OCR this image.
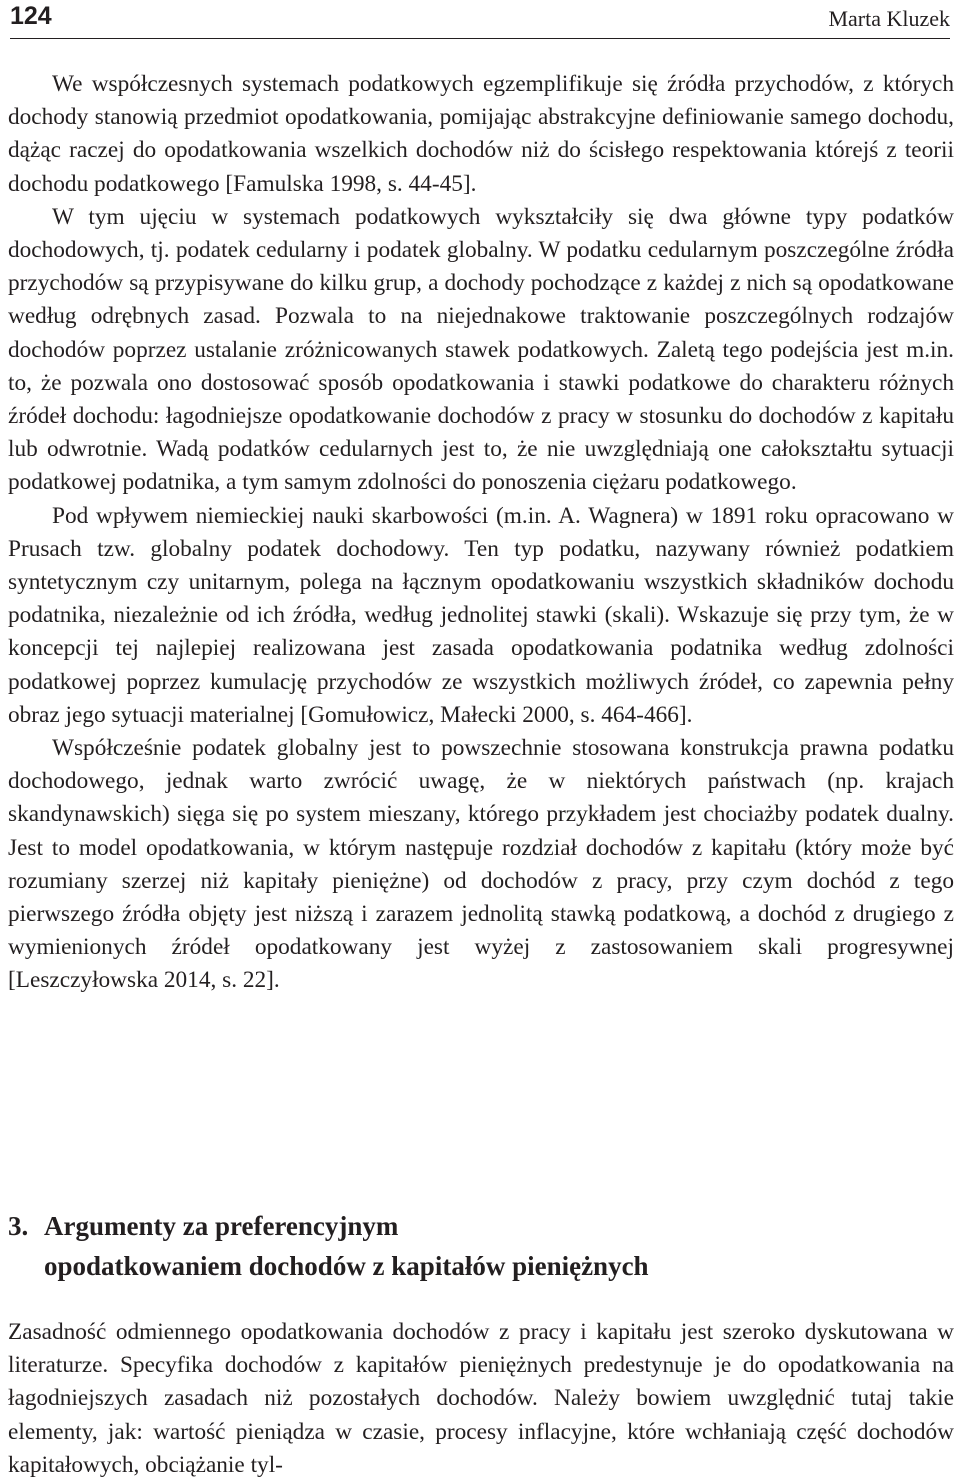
124	Marta Kluzek

We współczesnych systemach podatkowych egzemplifikuje się źródła przychodów, z których dochody stanowią przedmiot opodatkowania, pomijając abstrakcyjne definiowanie samego dochodu, dążąc raczej do opodatkowania wszelkich dochodów niż do ścisłego respektowania którejś z teorii dochodu podatkowego [Famulska 1998, s. 44-45].

W tym ujęciu w systemach podatkowych wykształciły się dwa główne typy podatków dochodowych, tj. podatek cedularny i podatek globalny. W podatku cedularnym poszczególne źródła przychodów są przypisywane do kilku grup, a dochody pochodzące z każdej z nich są opodatkowane według odrębnych zasad. Pozwala to na niejednakowe traktowanie poszczególnych rodzajów dochodów poprzez ustalanie zróżnicowanych stawek podatkowych. Zaletą tego podejścia jest m.in. to, że pozwala ono dostosować sposób opodatkowania i stawki podatkowe do charakteru różnych źródeł dochodu: łagodniejsze opodatkowanie dochodów z pracy w stosunku do dochodów z kapitału lub odwrotnie. Wadą podatków cedularnych jest to, że nie uwzględniają one całokształtu sytuacji podatkowej podatnika, a tym samym zdolności do ponoszenia ciężaru podatkowego.

Pod wpływem niemieckiej nauki skarbowości (m.in. A. Wagnera) w 1891 roku opracowano w Prusach tzw. globalny podatek dochodowy. Ten typ podatku, nazywany również podatkiem syntetycznym czy unitarnym, polega na łącznym opodatkowaniu wszystkich składników dochodu podatnika, niezależnie od ich źródła, według jednolitej stawki (skali). Wskazuje się przy tym, że w koncepcji tej najlepiej realizowana jest zasada opodatkowania podatnika według zdolności podatkowej poprzez kumulację przychodów ze wszystkich możliwych źródeł, co zapewnia pełny obraz jego sytuacji materialnej [Gomułowicz, Małecki 2000, s. 464-466].

Współcześnie podatek globalny jest to powszechnie stosowana konstrukcja prawna podatku dochodowego, jednak warto zwrócić uwagę, że w niektórych państwach (np. krajach skandynawskich) sięga się po system mieszany, którego przykładem jest chociażby podatek dualny. Jest to model opodatkowania, w którym następuje rozdział dochodów z kapitału (który może być rozumiany szerzej niż kapitały pieniężne) od dochodów z pracy, przy czym dochód z tego pierwszego źródła objęty jest niższą i zarazem jednolitą stawką podatkową, a dochód z drugiego z wymienionych źródeł opodatkowany jest wyżej z zastosowaniem skali progresywnej [Leszczyłowska 2014, s. 22].

3. Argumenty za preferencyjnym
opodatkowaniem dochodów z kapitałów pieniężnych

Zasadność odmiennego opodatkowania dochodów z pracy i kapitału jest szeroko dyskutowana w literaturze. Specyfika dochodów z kapitałów pieniężnych predestynuje je do opodatkowania na łagodniejszych zasadach niż pozostałych dochodów. Należy bowiem uwzględnić tutaj takie elementy, jak: wartość pieniądza w czasie, procesy inflacyjne, które wchłaniają część dochodów kapitałowych, obciążanie tyl-
